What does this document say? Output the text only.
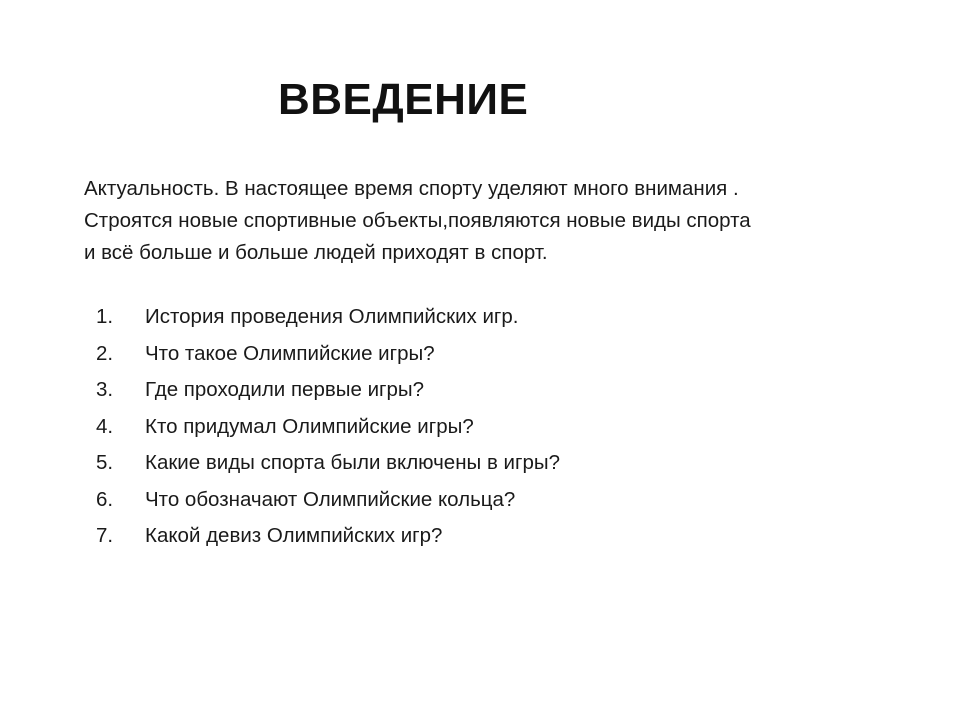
ВВЕДЕНИЕ

Актуальность. В настоящее время спорту уделяют много внимания .
Строятся новые спортивные объекты,появляются новые виды спорта
и всё больше и больше людей приходят в спорт.

1.	История проведения Олимпийских игр.
2.	Что такое Олимпийские игры?
3.	Где проходили первые игры?
4.	Кто придумал Олимпийские игры?
5.	Какие виды спорта были включены в игры?
6.	Что обозначают Олимпийские кольца?
7.	Какой девиз Олимпийских игр?
